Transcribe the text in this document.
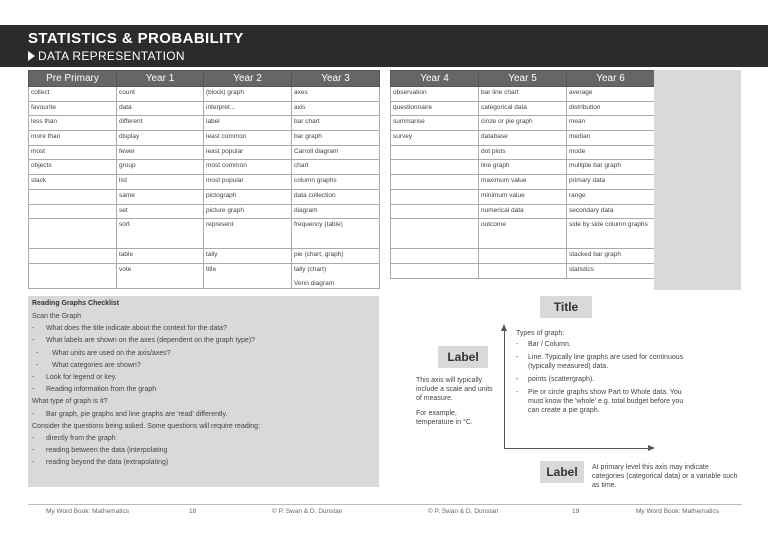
STATISTICS & PROBABILITY
DATA REPRESENTATION
Pre Primary	Year 1	Year 2	Year 3
collect	count	(block) graph	axes
favourite	data	interpret...	axis
less than	different	label	bar chart
more than	display	least common	bar graph
most	fewer	least popular	Carroll diagram
objects	group	most common	chart
stack	list	most popular	column graphs
	same	pictograph	data collection
	set	picture graph	diagram
	sort	represent	frequency (table)
	table	tally	pie (chart, graph)
	vote	title	tally (chart)
Venn diagram
Year 4	Year 5	Year 6
observation	bar line chart	average
questionnaire	categorical data	distribution
summarise	circle or pie graph	mean
survey	database	median
	dot plots	mode
	line graph	multiple bar graph
	maximum value	primary data
	minimum value	range
	numerical data	secondary data
	outcome	side by side column graphs
		stacked bar graph
		statistics
Reading Graphs Checklist
Scan the Graph
- What does the title indicate about the context for the data?
- What labels are shown on the axes (dependent on the graph type)?
- What units are used on the axis/axes?
- What categories are shown?
- Look for legend or key.
- Reading information from the graph
What type of graph is it?
- Bar graph, pie graphs and line graphs are 'read' differently.
Consider the questions being asked. Some questions will require reading:
- directly from the graph
- reading between the data (interpolating
- reading beyond the data (extrapolating)
Title
Label
Label
This axis will typically include a scale and units of measure.
For example, temperature in °C.
Types of graph:
- Bar / Column.
- Line. Typically line graphs are used for continuous (typically measured) data.
- points (scattergraph).
- Pie or circle graphs show Part to Whole data. You must know the 'whole' e.g. total budget before you can create a pie graph.
At primary level this axis may indicate categories (categorical data) or a variable such as time.
My Word Book: Mathematics	18	© P. Swan & D. Dunstan	© P. Swan & D. Dunstan	19	My Word Book: Mathematics
